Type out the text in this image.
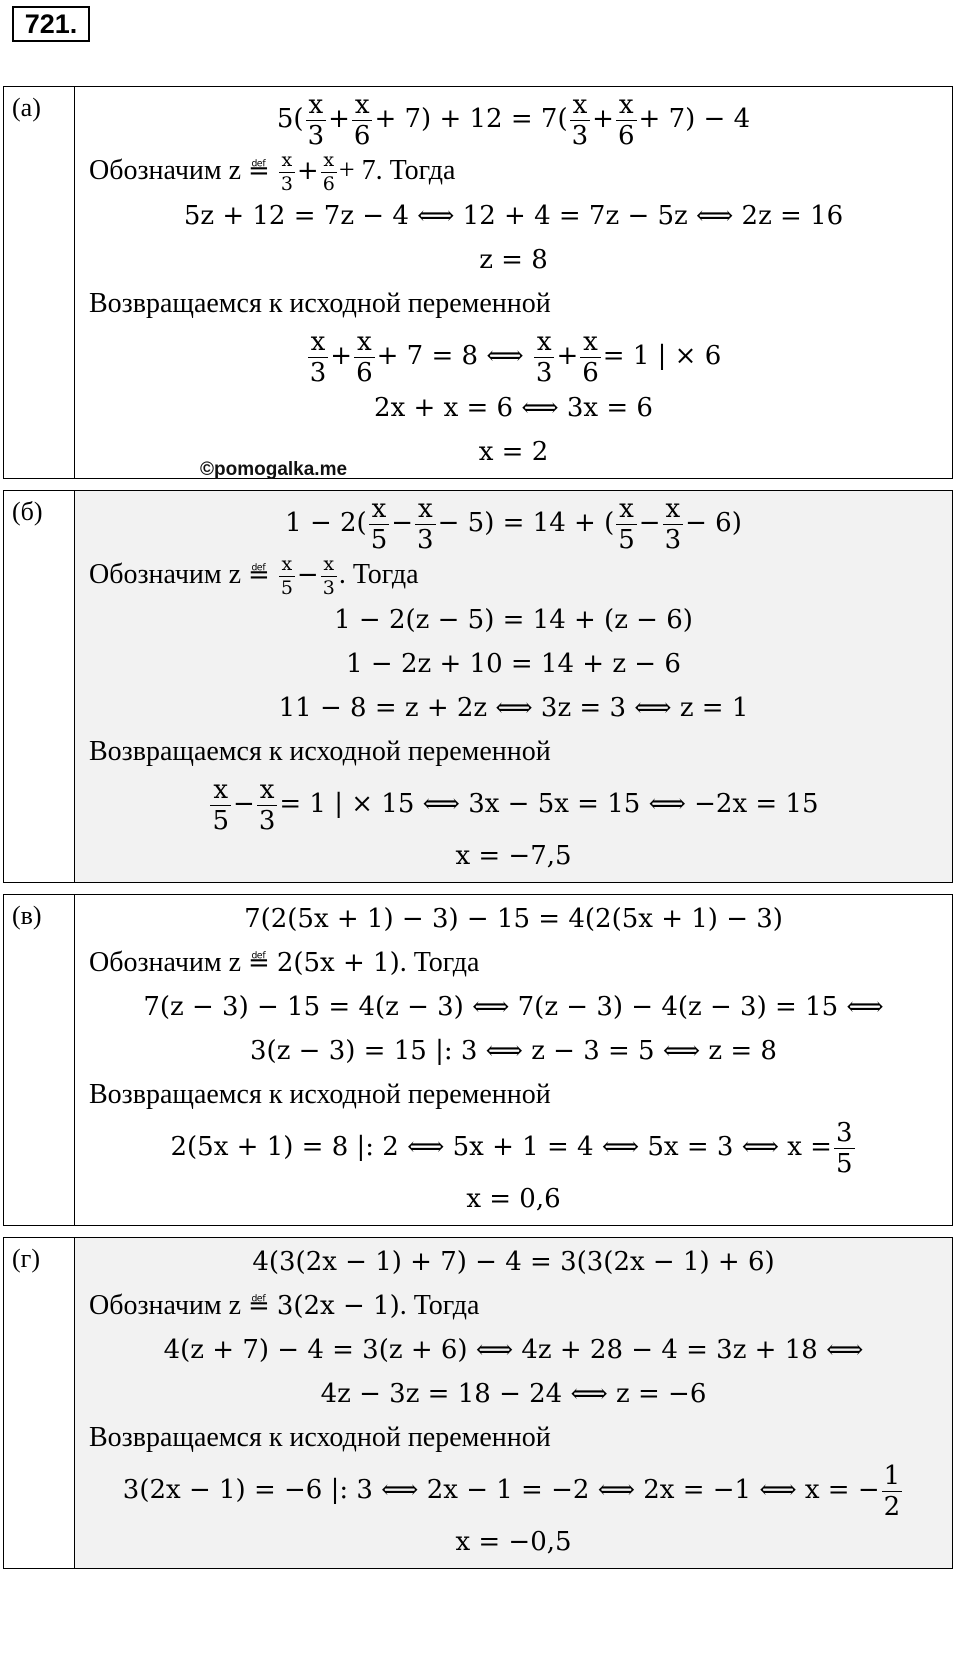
721.
(а)	$5( \frac{x}{3} + \frac{x}{6} + 7) + 12 = 7( \frac{x}{3} + \frac{x}{6} + 7) - 4$
Обозначим z ≝ $\frac{x}{3} + \frac{x}{6} + 7$. Тогда
5z + 12 = 7z − 4 ⟺ 12 + 4 = 7z − 5z ⟺ 2z = 16
z = 8
Возвращаемся к исходной переменной
$\frac{x}{3} + \frac{x}{6} + 7 = 8$ ⟺ $\frac{x}{3} + \frac{x}{6} = 1$ | × 6
2x + x = 6 ⟺ 3x = 6
x = 2
©pomogalka.me
(б)	$1 - 2( \frac{x}{5} - \frac{x}{3} - 5) = 14$ + ( $\frac{x}{5} - \frac{x}{3} - 6$)
Обозначим z ≝ $\frac{x}{5} - \frac{x}{3}$ . Тогда
1 − 2(z − 5) = 14 + (z − 6)
1 − 2z + 10 = 14 + z − 6
11 − 8 = z + 2z ⟺ 3z = 3 ⟺ z = 1
Возвращаемся к исходной переменной
$\frac{x}{5} - \frac{x}{3} = 1$ | × 15 ⟺ 3x − 5x = 15 ⟺ −2x = 15
x = −7,5
(в)	7(2(5x + 1) − 3) − 15 = 4(2(5x + 1) − 3)
Обозначим z ≝ 2(5x + 1). Тогда
7(z − 3) − 15 = 4(z − 3) ⟺ 7(z − 3) − 4(z − 3) = 15 ⟺
3(z − 3) = 15 |: 3 ⟺ z − 3 = 5 ⟺ z = 8
Возвращаемся к исходной переменной
2(5x + 1) = 8 |: 2 ⟺ 5x + 1 = 4 ⟺ 5x = 3 ⟺ $x = \frac{3}{5}$
x = 0,6
(г)	4(3(2x − 1) + 7) − 4 = 3(3(2x − 1) + 6)
Обозначим z ≝ 3(2x − 1). Тогда
4(z + 7) − 4 = 3(z + 6) ⟺ 4z + 28 − 4 = 3z + 18 ⟺
4z − 3z = 18 − 24 ⟺ z = −6
Возвращаемся к исходной переменной
3(2x − 1) = −6 |: 3 ⟺ 2x − 1 = −2 ⟺ 2x = −1 ⟺ x = − $\frac{1}{2}$
x = −0,5
